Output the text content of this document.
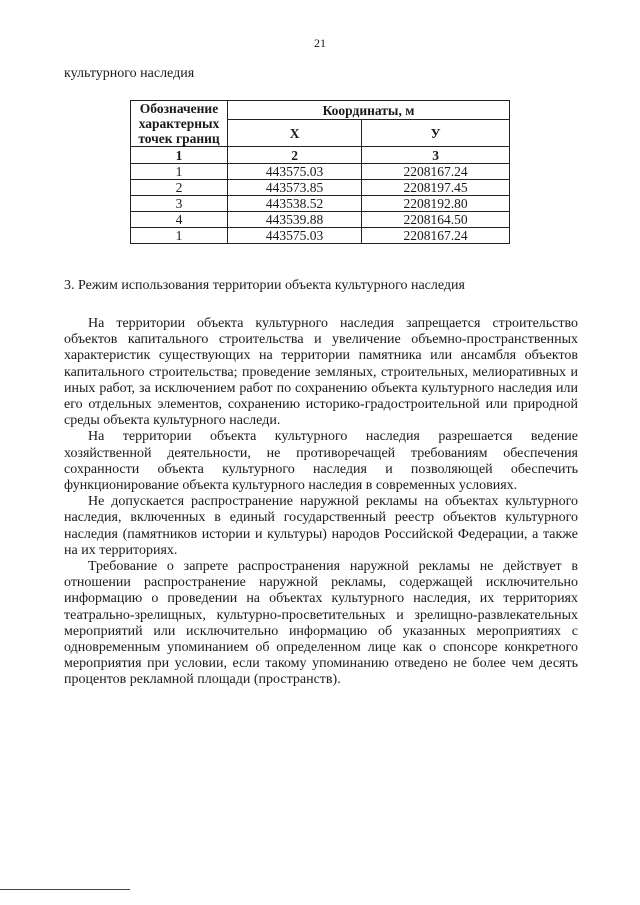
21
культурного наследия
Обозначение характерных точек границ	Координаты, м	
	X	У
1	2	3
1	443575.03	2208167.24
2	443573.85	2208197.45
3	443538.52	2208192.80
4	443539.88	2208164.50
1	443575.03	2208167.24
3. Режим использования территории объекта культурного наследия

На территории объекта культурного наследия запрещается строительство объектов капитального строительства и увеличение объемно-пространственных характеристик существующих на территории памятника или ансамбля объектов капитального строительства; проведение земляных, строительных, мелиоративных и иных работ, за исключением работ по сохранению объекта культурного наследия или его отдельных элементов, сохранению историко-градостроительной или природной среды объекта культурного наследи.

На территории объекта культурного наследия разрешается ведение хозяйственной деятельности, не противоречащей требованиям обеспечения сохранности объекта культурного наследия и позволяющей обеспечить функционирование объекта культурного наследия в современных условиях.

Не допускается распространение наружной рекламы на объектах культурного наследия, включенных в единый государственный реестр объектов культурного наследия (памятников истории и культуры) народов Российской Федерации, а также на их территориях.

Требование о запрете распространения наружной рекламы не действует в отношении распространение наружной рекламы, содержащей исключительно информацию о проведении на объектах культурного наследия, их территориях театрально-зрелищных, культурно-просветительных и зрелищно-развлекательных мероприятий или исключительно информацию об указанных мероприятиях с одновременным упоминанием об определенном лице как о спонсоре конкретного мероприятия при условии, если такому упоминанию отведено не более чем десять процентов рекламной площади (пространств).
